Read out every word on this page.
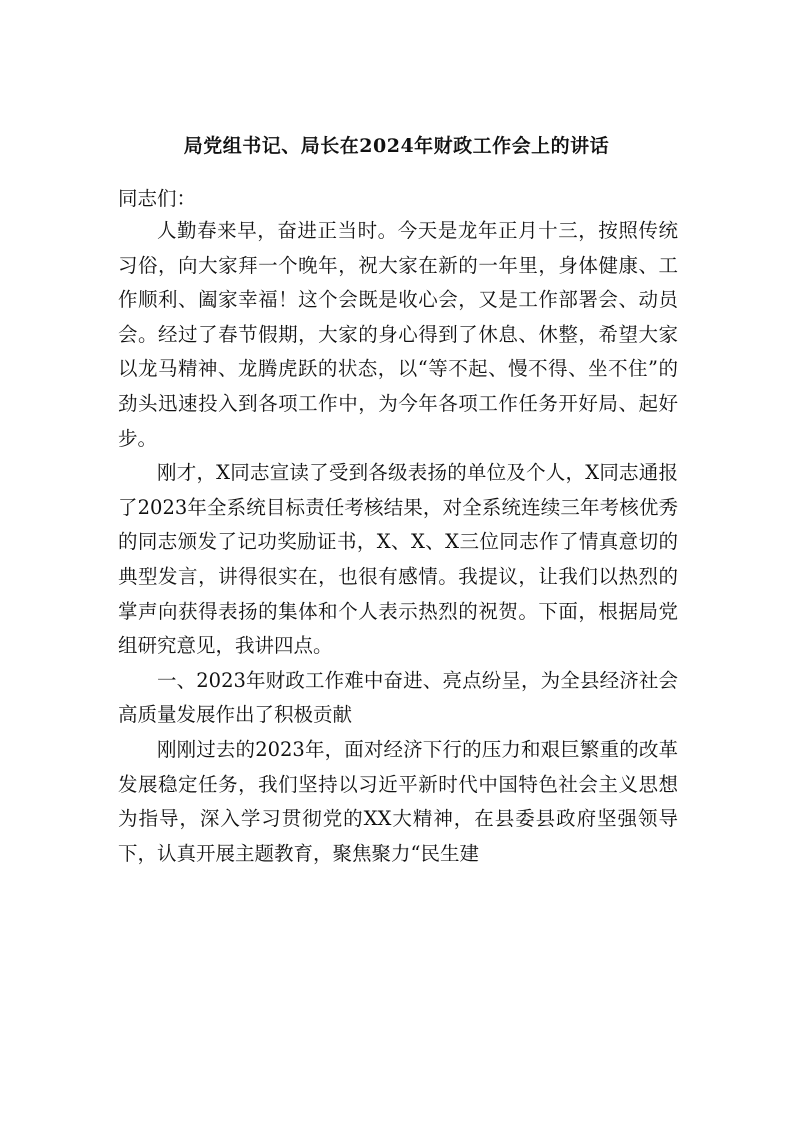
局党组书记、局长在2024年财政工作会上的讲话
同志们：

人勤春来早，奋进正当时。今天是龙年正月十三，按照传统习俗，向大家拜一个晚年，祝大家在新的一年里，身体健康、工作顺利、阖家幸福！这个会既是收心会，又是工作部署会、动员会。经过了春节假期，大家的身心得到了休息、休整，希望大家以龙马精神、龙腾虎跃的状态，以“等不起、慢不得、坐不住”的劲头迅速投入到各项工作中，为今年各项工作任务开好局、起好步。

刚才，X同志宣读了受到各级表扬的单位及个人，X同志通报了2023年全系统目标责任考核结果，对全系统连续三年考核优秀的同志颁发了记功奖励证书，X、X、X三位同志作了情真意切的典型发言，讲得很实在，也很有感情。我提议，让我们以热烈的掌声向获得表扬的集体和个人表示热烈的祝贺。下面，根据局党组研究意见，我讲四点。

一、2023年财政工作难中奋进、亮点纷呈，为全县经济社会高质量发展作出了积极贡献

刚刚过去的2023年，面对经济下行的压力和艰巨繁重的改革发展稳定任务，我们坚持以习近平新时代中国特色社会主义思想为指导，深入学习贯彻党的XX大精神，在县委县政府坚强领导下，认真开展主题教育，聚焦聚力“民生建
